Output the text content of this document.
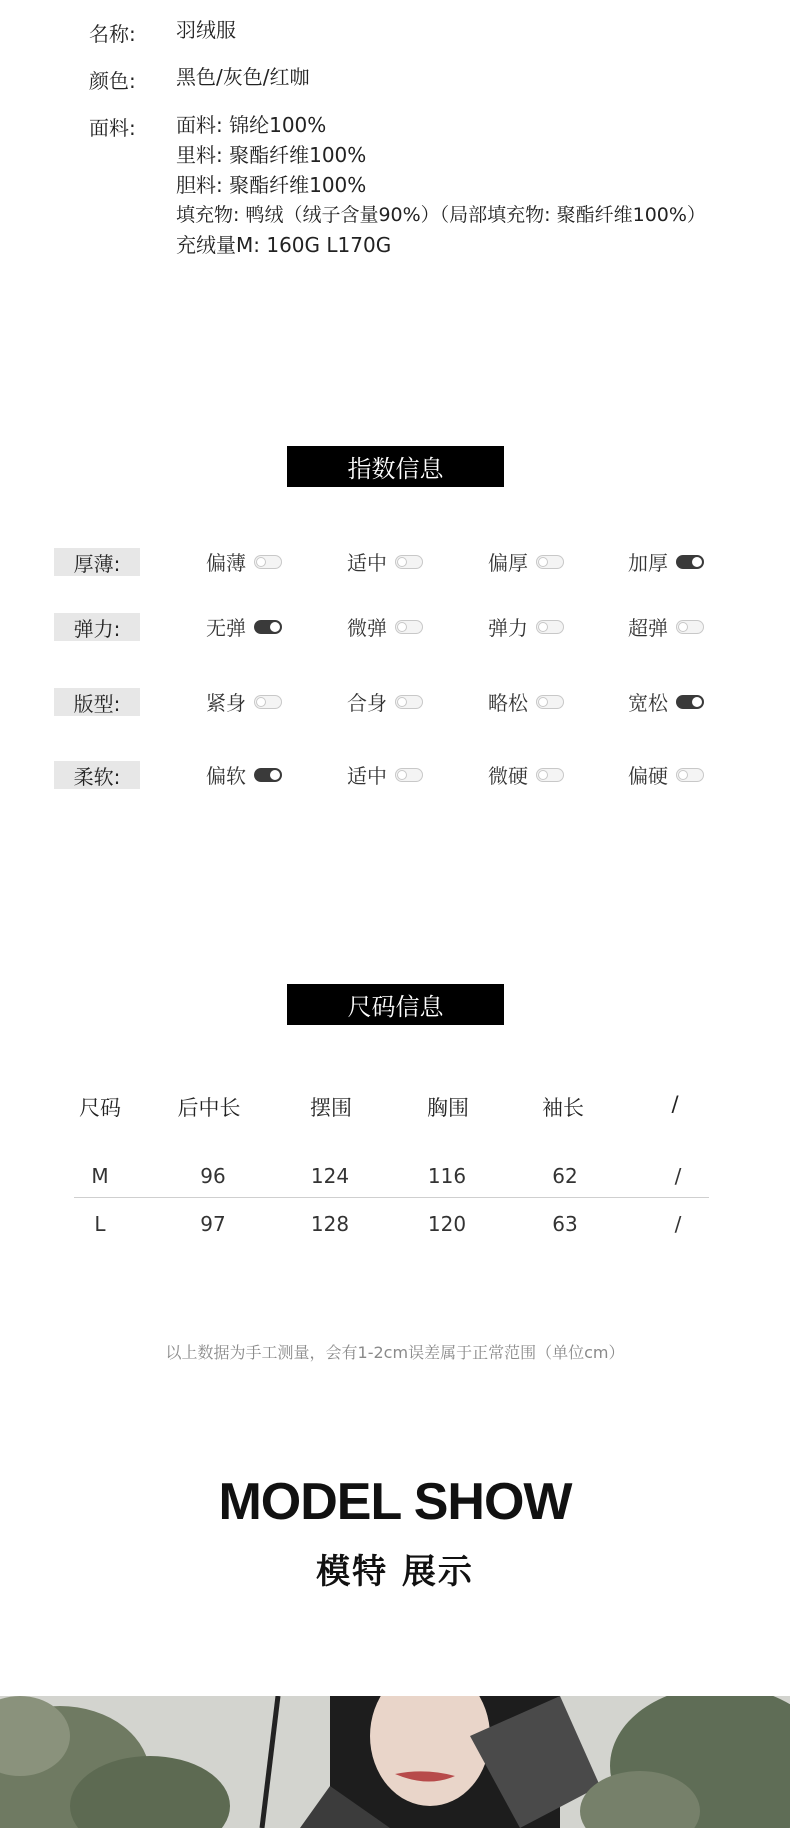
名称: 羽绒服
颜色: 黑色/灰色/红咖
面料: 面料: 锦纶100%
里料: 聚酯纤维100%
胆料: 聚酯纤维100%
填充物: 鸭绒（绒子含量90%）（局部填充物: 聚酯纤维100%）
充绒量M: 160G L170G
指数信息
厚薄:	偏薄	适中	偏厚	加厚
弹力:	无弹	微弹	弹力	超弹
版型:	紧身	合身	略松	宽松
柔软:	偏软	适中	微硬	偏硬
尺码信息
尺码	后中长	摆围	胸围	袖长	/
M	96	124	116	62	/
L	97	128	120	63	/
以上数据为手工测量，会有1-2cm误差属于正常范围（单位cm）
MODEL SHOW
模特 展示
